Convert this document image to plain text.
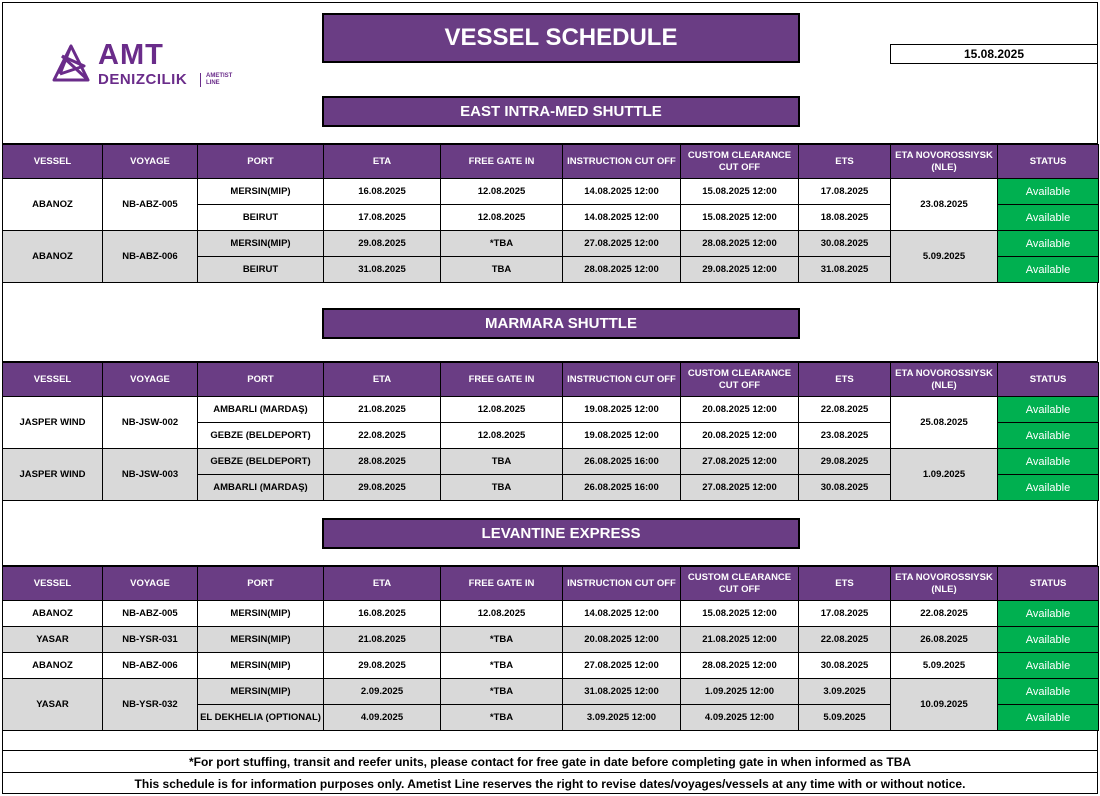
AMT
DENIZCILIK	AMETIST
LINE
VESSEL SCHEDULE
15.08.2025
EAST INTRA-MED SHUTTLE
VESSEL	VOYAGE	PORT	ETA	FREE GATE IN	INSTRUCTION CUT OFF	CUSTOM CLEARANCE CUT OFF	ETS	ETA NOVOROSSIYSK (NLE)	STATUS
ABANOZ	NB-ABZ-005	MERSIN(MIP)	16.08.2025	12.08.2025	14.08.2025 12:00	15.08.2025 12:00	17.08.2025	23.08.2025	Available
		BEIRUT	17.08.2025	12.08.2025	14.08.2025 12:00	15.08.2025 12:00	18.08.2025		Available
ABANOZ	NB-ABZ-006	MERSIN(MIP)	29.08.2025	*TBA	27.08.2025 12:00	28.08.2025 12:00	30.08.2025	5.09.2025	Available
		BEIRUT	31.08.2025	TBA	28.08.2025 12:00	29.08.2025 12:00	31.08.2025		Available
MARMARA SHUTTLE
VESSEL	VOYAGE	PORT	ETA	FREE GATE IN	INSTRUCTION CUT OFF	CUSTOM CLEARANCE CUT OFF	ETS	ETA NOVOROSSIYSK (NLE)	STATUS
JASPER WIND	NB-JSW-002	AMBARLI (MARDAŞ)	21.08.2025	12.08.2025	19.08.2025 12:00	20.08.2025 12:00	22.08.2025	25.08.2025	Available
		GEBZE (BELDEPORT)	22.08.2025	12.08.2025	19.08.2025 12:00	20.08.2025 12:00	23.08.2025		Available
JASPER WIND	NB-JSW-003	GEBZE (BELDEPORT)	28.08.2025	TBA	26.08.2025 16:00	27.08.2025 12:00	29.08.2025	1.09.2025	Available
		AMBARLI (MARDAŞ)	29.08.2025	TBA	26.08.2025 16:00	27.08.2025 12:00	30.08.2025		Available
LEVANTINE EXPRESS
VESSEL	VOYAGE	PORT	ETA	FREE GATE IN	INSTRUCTION CUT OFF	CUSTOM CLEARANCE CUT OFF	ETS	ETA NOVOROSSIYSK (NLE)	STATUS
ABANOZ	NB-ABZ-005	MERSIN(MIP)	16.08.2025	12.08.2025	14.08.2025 12:00	15.08.2025 12:00	17.08.2025	22.08.2025	Available
YASAR	NB-YSR-031	MERSIN(MIP)	21.08.2025	*TBA	20.08.2025 12:00	21.08.2025 12:00	22.08.2025	26.08.2025	Available
ABANOZ	NB-ABZ-006	MERSIN(MIP)	29.08.2025	*TBA	27.08.2025 12:00	28.08.2025 12:00	30.08.2025	5.09.2025	Available
YASAR	NB-YSR-032	MERSIN(MIP)	2.09.2025	*TBA	31.08.2025 12:00	1.09.2025 12:00	3.09.2025	10.09.2025	Available
		EL DEKHELIA (OPTIONAL)	4.09.2025	*TBA	3.09.2025 12:00	4.09.2025 12:00	5.09.2025		Available
*For port stuffing, transit and reefer units, please contact for free gate in date before completing gate in when informed as TBA
This schedule is for information purposes only. Ametist Line reserves the right to revise dates/voyages/vessels at any time with or without notice.
